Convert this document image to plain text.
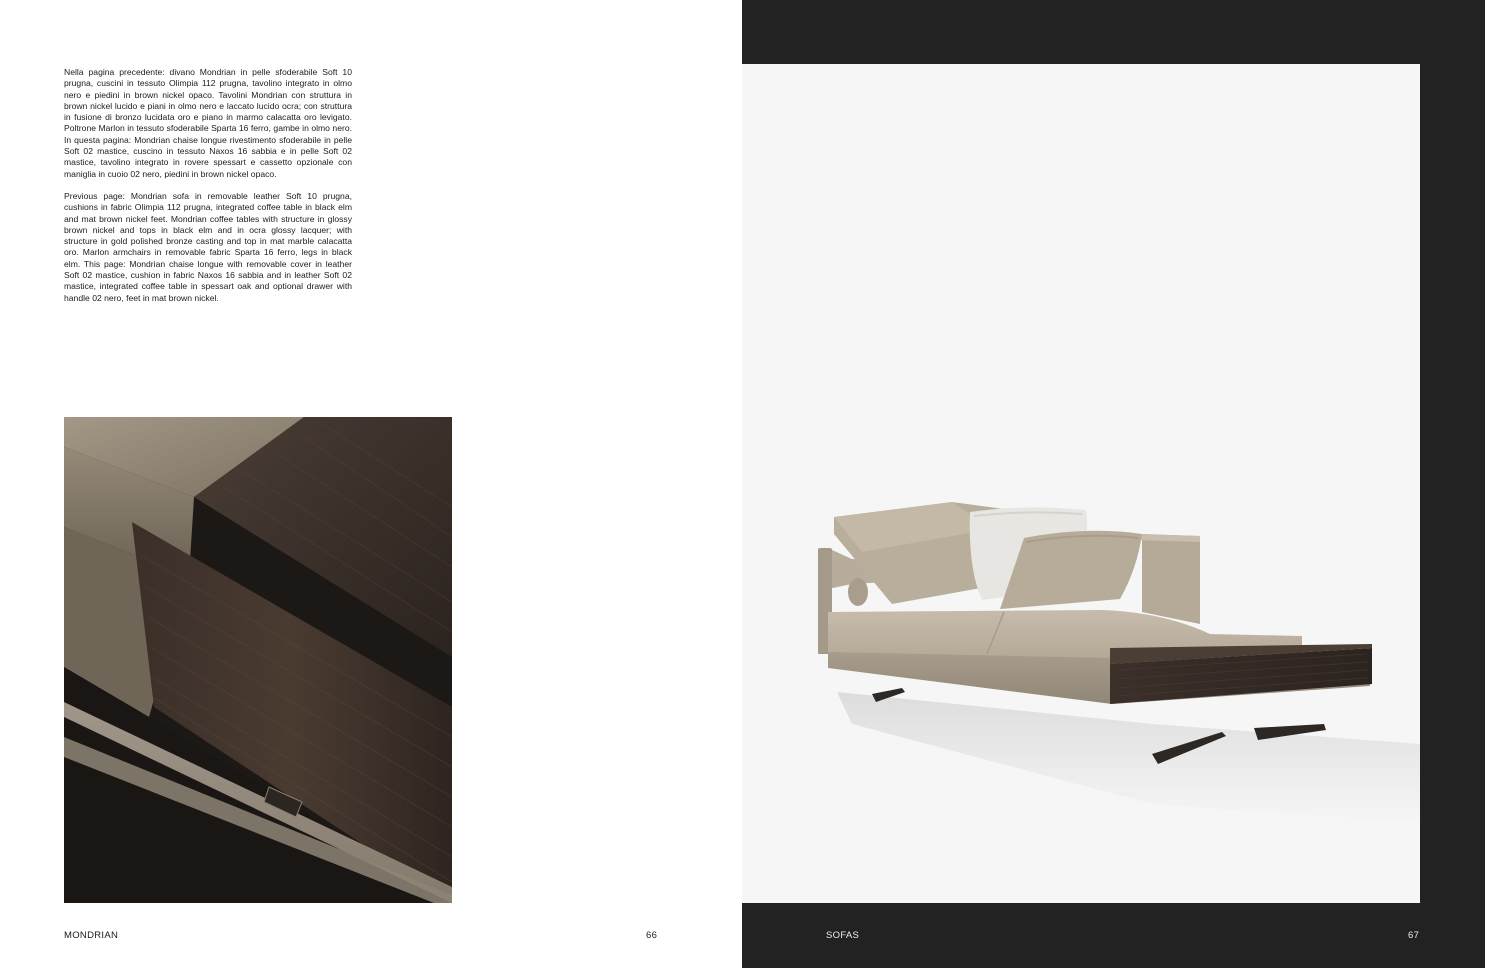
Nella pagina precedente: divano Mondrian in pelle sfoderabile Soft 10 prugna, cuscini in tessuto Olimpia 112 prugna, tavolino integrato in olmo nero e piedini in brown nickel opaco. Tavolini Mondrian con struttura in brown nickel lucido e piani in olmo nero e laccato lucido ocra; con struttura in fusione di bronzo lucidata oro e piano in marmo calacatta oro levigato. Poltrone Marlon in tessuto sfoderabile Sparta 16 ferro, gambe in olmo nero. In questa pagina: Mondrian chaise longue rivestimento sfoderabile in pelle Soft 02 mastice, cuscino in tessuto Naxos 16 sabbia e in pelle Soft 02 mastice, tavolino integrato in rovere spessart e cassetto opzionale con maniglia in cuoio 02 nero, piedini in brown nickel opaco.

Previous page: Mondrian sofa in removable leather Soft 10 prugna, cushions in fabric Olimpia 112 prugna, integrated coffee table in black elm and mat brown nickel feet. Mondrian coffee tables with structure in glossy brown nickel and tops in black elm and in ocra glossy lacquer; with structure in gold polished bronze casting and top in mat marble calacatta oro. Marlon armchairs in removable fabric Sparta 16 ferro, legs in black elm. This page: Mondrian chaise longue with removable cover in leather Soft 02 mastice, cushion in fabric Naxos 16 sabbia and in leather Soft 02 mastice, integrated coffee table in spessart oak and optional drawer with handle 02 nero, feet in mat brown nickel.

MONDRIAN	66	SOFAS	67
